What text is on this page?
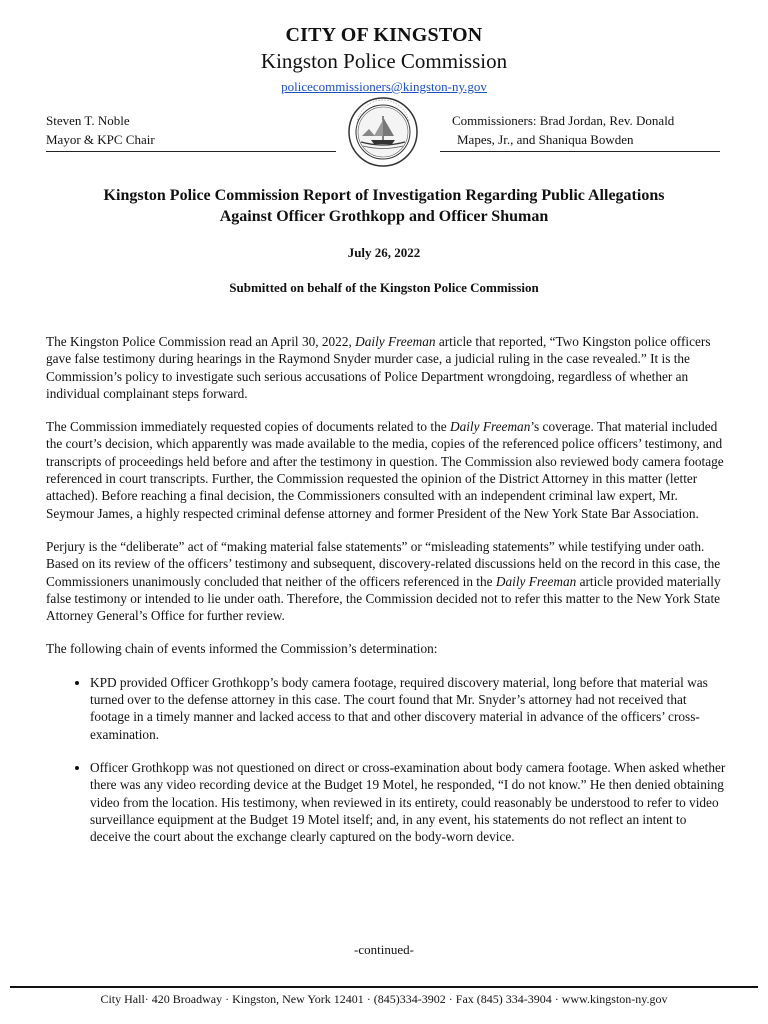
CITY OF KINGSTON
Kingston Police Commission
policecommissioners@kingston-ny.gov
Steven T. Noble
Mayor & KPC Chair
Commissioners: Brad Jordan, Rev. Donald
Mapes, Jr., and Shaniqua Bowden
Kingston Police Commission Report of Investigation Regarding Public Allegations
Against Officer Grothkopp and Officer Shuman
July 26, 2022
Submitted on behalf of the Kingston Police Commission

The Kingston Police Commission read an April 30, 2022, Daily Freeman article that reported, “Two Kingston police officers gave false testimony during hearings in the Raymond Snyder murder case, a judicial ruling in the case revealed.” It is the Commission’s policy to investigate such serious accusations of Police Department wrongdoing, regardless of whether an individual complainant steps forward.

The Commission immediately requested copies of documents related to the Daily Freeman’s coverage. That material included the court’s decision, which apparently was made available to the media, copies of the referenced police officers’ testimony, and transcripts of proceedings held before and after the testimony in question. The Commission also reviewed body camera footage referenced in court transcripts. Further, the Commission requested the opinion of the District Attorney in this matter (letter attached). Before reaching a final decision, the Commissioners consulted with an independent criminal law expert, Mr. Seymour James, a highly respected criminal defense attorney and former President of the New York State Bar Association.

Perjury is the “deliberate” act of “making material false statements” or “misleading statements” while testifying under oath. Based on its review of the officers’ testimony and subsequent, discovery-related discussions held on the record in this case, the Commissioners unanimously concluded that neither of the officers referenced in the Daily Freeman article provided materially false testimony or intended to lie under oath. Therefore, the Commission decided not to refer this matter to the New York State Attorney General’s Office for further review.

The following chain of events informed the Commission’s determination:

• KPD provided Officer Grothkopp’s body camera footage, required discovery material, long before that material was turned over to the defense attorney in this case. The court found that Mr. Snyder’s attorney had not received that footage in a timely manner and lacked access to that and other discovery material in advance of the officers’ cross-examination.
• Officer Grothkopp was not questioned on direct or cross-examination about body camera footage. When asked whether there was any video recording device at the Budget 19 Motel, he responded, “I do not know.” He then denied obtaining video from the location. His testimony, when reviewed in its entirety, could reasonably be understood to refer to video surveillance equipment at the Budget 19 Motel itself; and, in any event, his statements do not reflect an intent to deceive the court about the exchange clearly captured on the body-worn device.
-continued-
City Hall· 420 Broadway · Kingston, New York 12401 · (845)334-3902 · Fax (845) 334-3904 · www.kingston-ny.gov
